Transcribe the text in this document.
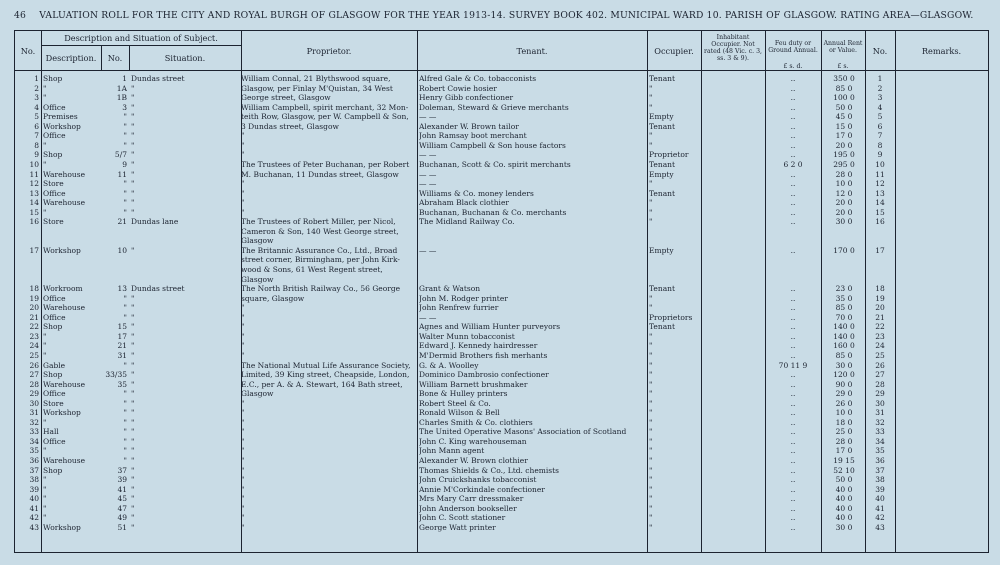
46 VALUATION ROLL FOR THE CITY AND ROYAL BURGH OF GLASGOW FOR THE YEAR 1913-14. SURVEY BOOK 402. MUNICIPAL WARD 10. PARISH OF GLASGOW. RATING AREA—GLASGOW.
No.
Description and Situation of Subject.
Description.	No.	Situation.
Proprietor.	Tenant.	Occupier.
Inhabitant Occupier. Not rated (48 Vic. c. 3, ss. 3 & 9).
Feu duty or Ground Annual.
Annual Rent or Value.
£ s. d.	£ s.
No.	Remarks.
1 Shop	1 Dundas street	William Connal, 21 Blythswood square,	Alfred Gale & Co. tobacconists	Tenant	..	350 0	1
2 "	1A "	Glasgow, per Finlay M'Quistan, 34 West	Robert Cowie hosier	"	..	85 0	2
3 "	1B "	George street, Glasgow	Henry Gibb confectioner	"	..	100 0	3
4 Office	3 "	William Campbell, spirit merchant, 32 Mon-	Doleman, Steward & Grieve merchants	"	..	50 0	4
5 Premises	" "	teith Row, Glasgow, per W. Campbell & Son,	— —	Empty	..	45 0	5
6 Workshop	" "	3 Dundas street, Glasgow	Alexander W. Brown tailor	Tenant	..	15 0	6
7 Office	" "	"	John Ramsay boot merchant	"	..	17 0	7
8 "	" "	"	William Campbell & Son house factors	"	..	20 0	8
9 Shop	5/7 "	"	— —	Proprietor	..	195 0	9
10 "	9 "	The Trustees of Peter Buchanan, per Robert	Buchanan, Scott & Co. spirit merchants	Tenant	6 2 0	295 0	10
11 Warehouse	11 "	M. Buchanan, 11 Dundas street, Glasgow	— —	Empty	..	28 0	11
12 Store	" "	"	— —	"	..	10 0	12
13 Office	" "	"	Williams & Co. money lenders	Tenant	..	12 0	13
14 Warehouse	" "	"	Abraham Black clothier	"	..	20 0	14
15 "	" "	"	Buchanan, Buchanan & Co. merchants	"	..	20 0	15
16 Store	21 Dundas lane	The Trustees of Robert Miller, per Nicol,	The Midland Railway Co.	"	..	30 0	16
Cameron & Son, 140 West George street,
Glasgow
17 Workshop	10 "	The Britannic Assurance Co., Ltd., Broad	— —	Empty	..	170 0	17
street corner, Birmingham, per John Kirk-
wood & Sons, 61 West Regent street,
Glasgow
18 Workroom	13 Dundas street	The North British Railway Co., 56 George	Grant & Watson	Tenant	..	23 0	18
19 Office	" "	square, Glasgow	John M. Rodger printer	"	..	35 0	19
20 Warehouse	" "	"	John Renfrew furrier	"	..	85 0	20
21 Office	" "	"	— —	Proprietors	..	70 0	21
22 Shop	15 "	"	Agnes and William Hunter purveyors	Tenant	..	140 0	22
23 "	17 "	"	Walter Munn tobacconist	"	..	140 0	23
24 "	21 "	"	Edward J. Kennedy hairdresser	"	..	160 0	24
25 "	31 "	"	M'Dermid Brothers fish merhants	"	..	85 0	25
26 Gable	" "	The National Mutual Life Assurance Society,	G. & A. Woolley	"	70 11 9	30 0	26
27 Shop	33/35 "	Limited, 39 King street, Cheapside, London,	Dominico Dambrosio confectioner	"	..	120 0	27
28 Warehouse	35 "	E.C., per A. & A. Stewart, 164 Bath street,	William Barnett brushmaker	"	..	90 0	28
29 Office	" "	Glasgow	Bone & Hulley printers	"	..	29 0	29
30 Store	" "	"	Robert Steel & Co.	"	..	26 0	30
31 Workshop	" "	"	Ronald Wilson & Bell	"	..	10 0	31
32 "	" "	"	Charles Smith & Co. clothiers	"	..	18 0	32
33 Hall	" "	"	The United Operative Masons' Association of Scotland	"	..	25 0	33
34 Office	" "	"	John C. King warehouseman	"	..	28 0	34
35 "	" "	"	John Mann agent	"	..	17 0	35
36 Warehouse	" "	"	Alexander W. Brown clothier	"	..	19 15	36
37 Shop	37 "	"	Thomas Shields & Co., Ltd. chemists	"	..	52 10	37
38 "	39 "	"	John Cruickshanks tobacconist	"	..	50 0	38
39 "	41 "	"	Annie M'Corkindale confectioner	"	..	40 0	39
40 "	45 "	"	Mrs Mary Carr dressmaker	"	..	40 0	40
41 "	47 "	"	John Anderson bookseller	"	..	40 0	41
42 "	49 "	"	John C. Scott stationer	"	..	40 0	42
43 Workshop	51 "	"	George Watt printer	"	..	30 0	43
